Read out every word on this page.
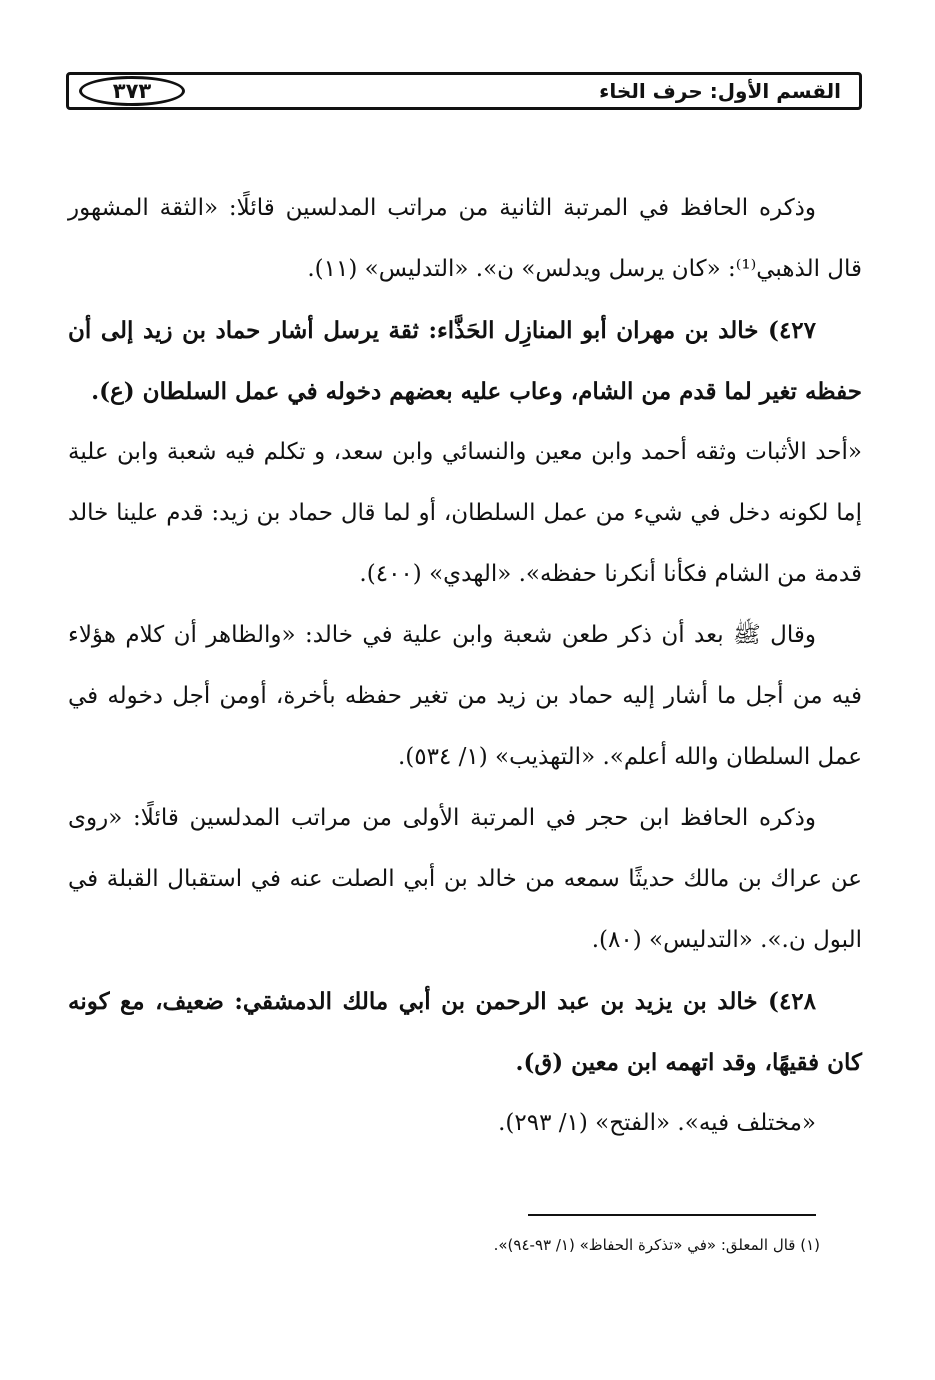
القسم الأول: حرف الخاء
٣٧٣

وذكره الحافظ في المرتبة الثانية من مراتب المدلسين قائلًا: «الثقة المشهور قال الذهبي⁽¹⁾: «كان يرسل ويدلس» ن». «التدليس» (١١).

٤٢٧) خالد بن مهران أبو المنازِل الحَذَّاء: ثقة يرسل أشار حماد بن زيد إلى أن حفظه تغير لما قدم من الشام، وعاب عليه بعضهم دخوله في عمل السلطان (ع).

«أحد الأثبات وثقه أحمد وابن معين والنسائي وابن سعد، و تكلم فيه شعبة وابن علية إما لكونه دخل في شيء من عمل السلطان، أو لما قال حماد بن زيد: قدم علينا خالد قدمة من الشام فكأنا أنكرنا حفظه». «الهدي» (٤٠٠).

وقال ﷺ بعد أن ذكر طعن شعبة وابن علية في خالد: «والظاهر أن كلام هؤلاء فيه من أجل ما أشار إليه حماد بن زيد من تغير حفظه بأخرة، أومن أجل دخوله في عمل السلطان والله أعلم». «التهذيب» (١/ ٥٣٤).

وذكره الحافظ ابن حجر في المرتبة الأولى من مراتب المدلسين قائلًا: «روى عن عراك بن مالك حديثًا سمعه من خالد بن أبي الصلت عنه في استقبال القبلة في البول ن.». «التدليس» (٨٠).

٤٢٨) خالد بن يزيد بن عبد الرحمن بن أبي مالك الدمشقي: ضعيف، مع كونه كان فقيهًا، وقد اتهمه ابن معين (ق).

«مختلف فيه». «الفتح» (١/ ٢٩٣).

(١) قال المعلق: «في «تذكرة الحفاظ» (١/ ٩٣-٩٤)».
